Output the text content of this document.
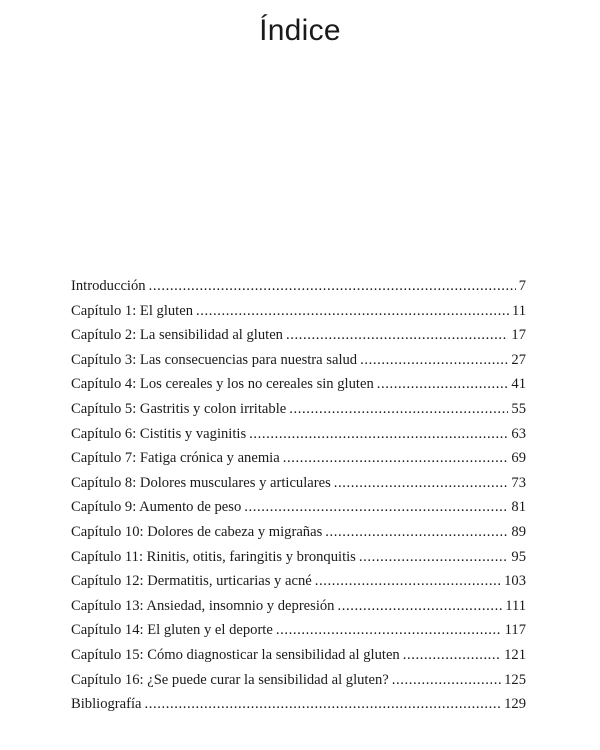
Índice
Introducción .....	7
Capítulo 1: El gluten .....	11
Capítulo 2: La sensibilidad al gluten .....	17
Capítulo 3: Las consecuencias para nuestra salud .....	27
Capítulo 4: Los cereales y los no cereales sin gluten .....	41
Capítulo 5: Gastritis y colon irritable .....	55
Capítulo 6: Cistitis y vaginitis .....	63
Capítulo 7: Fatiga crónica y anemia .....	69
Capítulo 8: Dolores musculares y articulares .....	73
Capítulo 9: Aumento de peso .....	81
Capítulo 10: Dolores de cabeza y migrañas .....	89
Capítulo 11: Rinitis, otitis, faringitis y bronquitis .....	95
Capítulo 12: Dermatitis, urticarias y acné .....	103
Capítulo 13: Ansiedad, insomnio y depresión .....	111
Capítulo 14: El gluten y el deporte .....	117
Capítulo 15: Cómo diagnosticar la sensibilidad al gluten .....	121
Capítulo 16: ¿Se puede curar la sensibilidad al gluten? .....	125
Bibliografía .....	129
